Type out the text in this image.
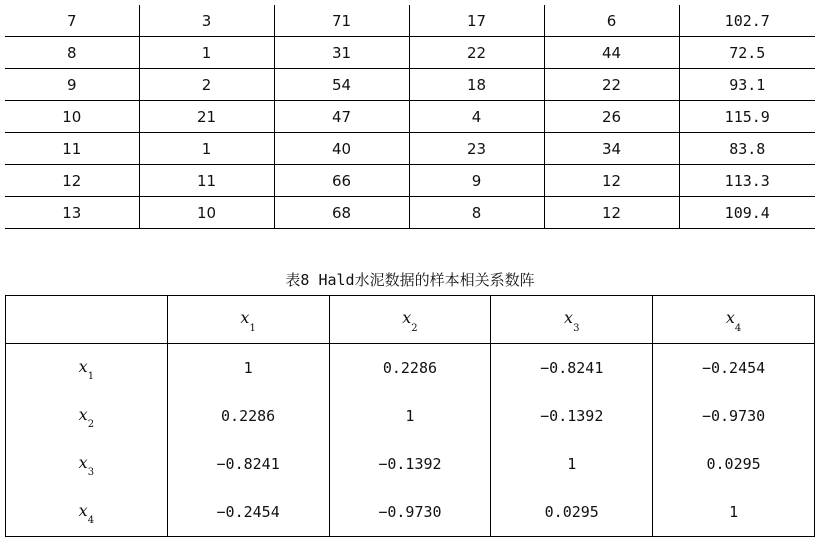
7	3	71	17	6	102.7
8	1	31	22	44	72.5
9	2	54	18	22	93.1
10	21	47	4	26	115.9
11	1	40	23	34	83.8
12	11	66	9	12	113.3
13	10	68	8	12	109.4
表8 Hald水泥数据的样本相关系数阵
	$x_1$	$x_2$	$x_3$	$x_4$
$x_1$	1	0.2286	−0.8241	−0.2454
$x_2$	0.2286	1	−0.1392	−0.9730
$x_3$	−0.8241	−0.1392	1	0.0295
$x_4$	−0.2454	−0.9730	0.0295	1
